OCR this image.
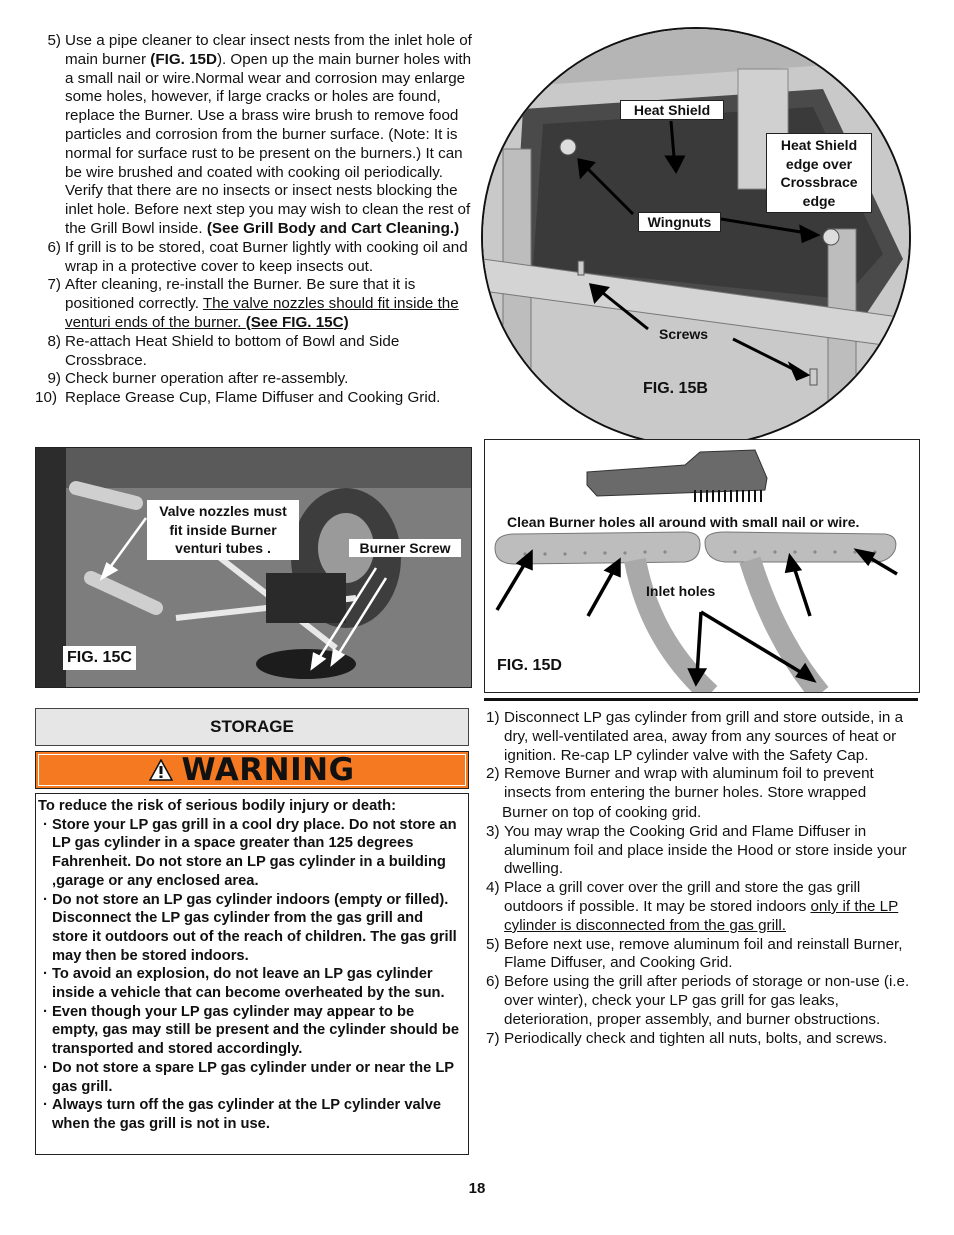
5) Use a pipe cleaner to clear insect nests from the inlet hole of main burner (FIG. 15D). Open up the main burner holes with a small nail or wire.Normal wear and corrosion may enlarge some holes, however, if large cracks or holes are found, replace the Burner. Use a brass wire brush to remove food particles and corrosion from the burner surface. (Note: It is normal for surface rust to be present on the burners.) It can be wire brushed and coated with cooking oil periodically. Verify that there are no insects or insect nests blocking the inlet hole. Before next step you may wish to clean the rest of the Grill Bowl inside. (See Grill Body and Cart Cleaning.)
6) If grill is to be stored, coat Burner lightly with cooking oil and wrap in a protective cover to keep insects out.
7) After cleaning, re-install the Burner. Be sure that it is positioned correctly. The valve nozzles should fit inside the venturi ends of the burner. (See FIG. 15C)
8) Re-attach Heat Shield to bottom of Bowl and Side Crossbrace.
9) Check burner operation after re-assembly.
10) Replace Grease Cup, Flame Diffuser and Cooking Grid.
Heat Shield
Heat Shield edge over Crossbrace edge
Wingnuts
Screws
FIG. 15B
Valve nozzles must fit inside Burner venturi tubes .	Burner Screw
FIG. 15C
Clean Burner holes all around with small nail or wire.
Inlet holes
FIG. 15D
STORAGE
WARNING
To reduce the risk of serious bodily injury or death:
· Store your LP gas grill in a cool dry place. Do not store an LP gas cylinder in a space greater than 125 degrees Fahrenheit. Do not store an LP gas cylinder in a building ,garage or any enclosed area.
· Do not store an LP gas cylinder indoors (empty or filled). Disconnect the LP gas cylinder from the gas grill and store it outdoors out of the reach of children. The gas grill may then be stored indoors.
· To avoid an explosion, do not leave an LP gas cylinder inside a vehicle that can become overheated by the sun.
· Even though your LP gas cylinder may appear to be empty, gas may still be present and the cylinder should be transported and stored accordingly.
· Do not store a spare LP gas cylinder under or near the LP gas grill.
· Always turn off the gas cylinder at the LP cylinder valve when the gas grill is not in use.
1) Disconnect LP gas cylinder from grill and store outside, in a dry, well-ventilated area, away from any sources of heat or ignition. Re-cap LP cylinder valve with the Safety Cap.
2) Remove Burner and wrap with aluminum foil to prevent insects from entering the burner holes. Store wrapped
Burner on top of cooking grid.
3) You may wrap the Cooking Grid and Flame Diffuser in aluminum foil and place inside the Hood or store inside your dwelling.
4) Place a grill cover over the grill and store the gas grill outdoors if possible. It may be stored indoors only if the LP cylinder is disconnected from the gas grill.
5) Before next use, remove aluminum foil and reinstall Burner, Flame Diffuser, and Cooking Grid.
6) Before using the grill after periods of storage or non-use (i.e. over winter), check your LP gas grill for gas leaks, deterioration, proper assembly, and burner obstructions.
7) Periodically check and tighten all nuts, bolts, and screws.
18
